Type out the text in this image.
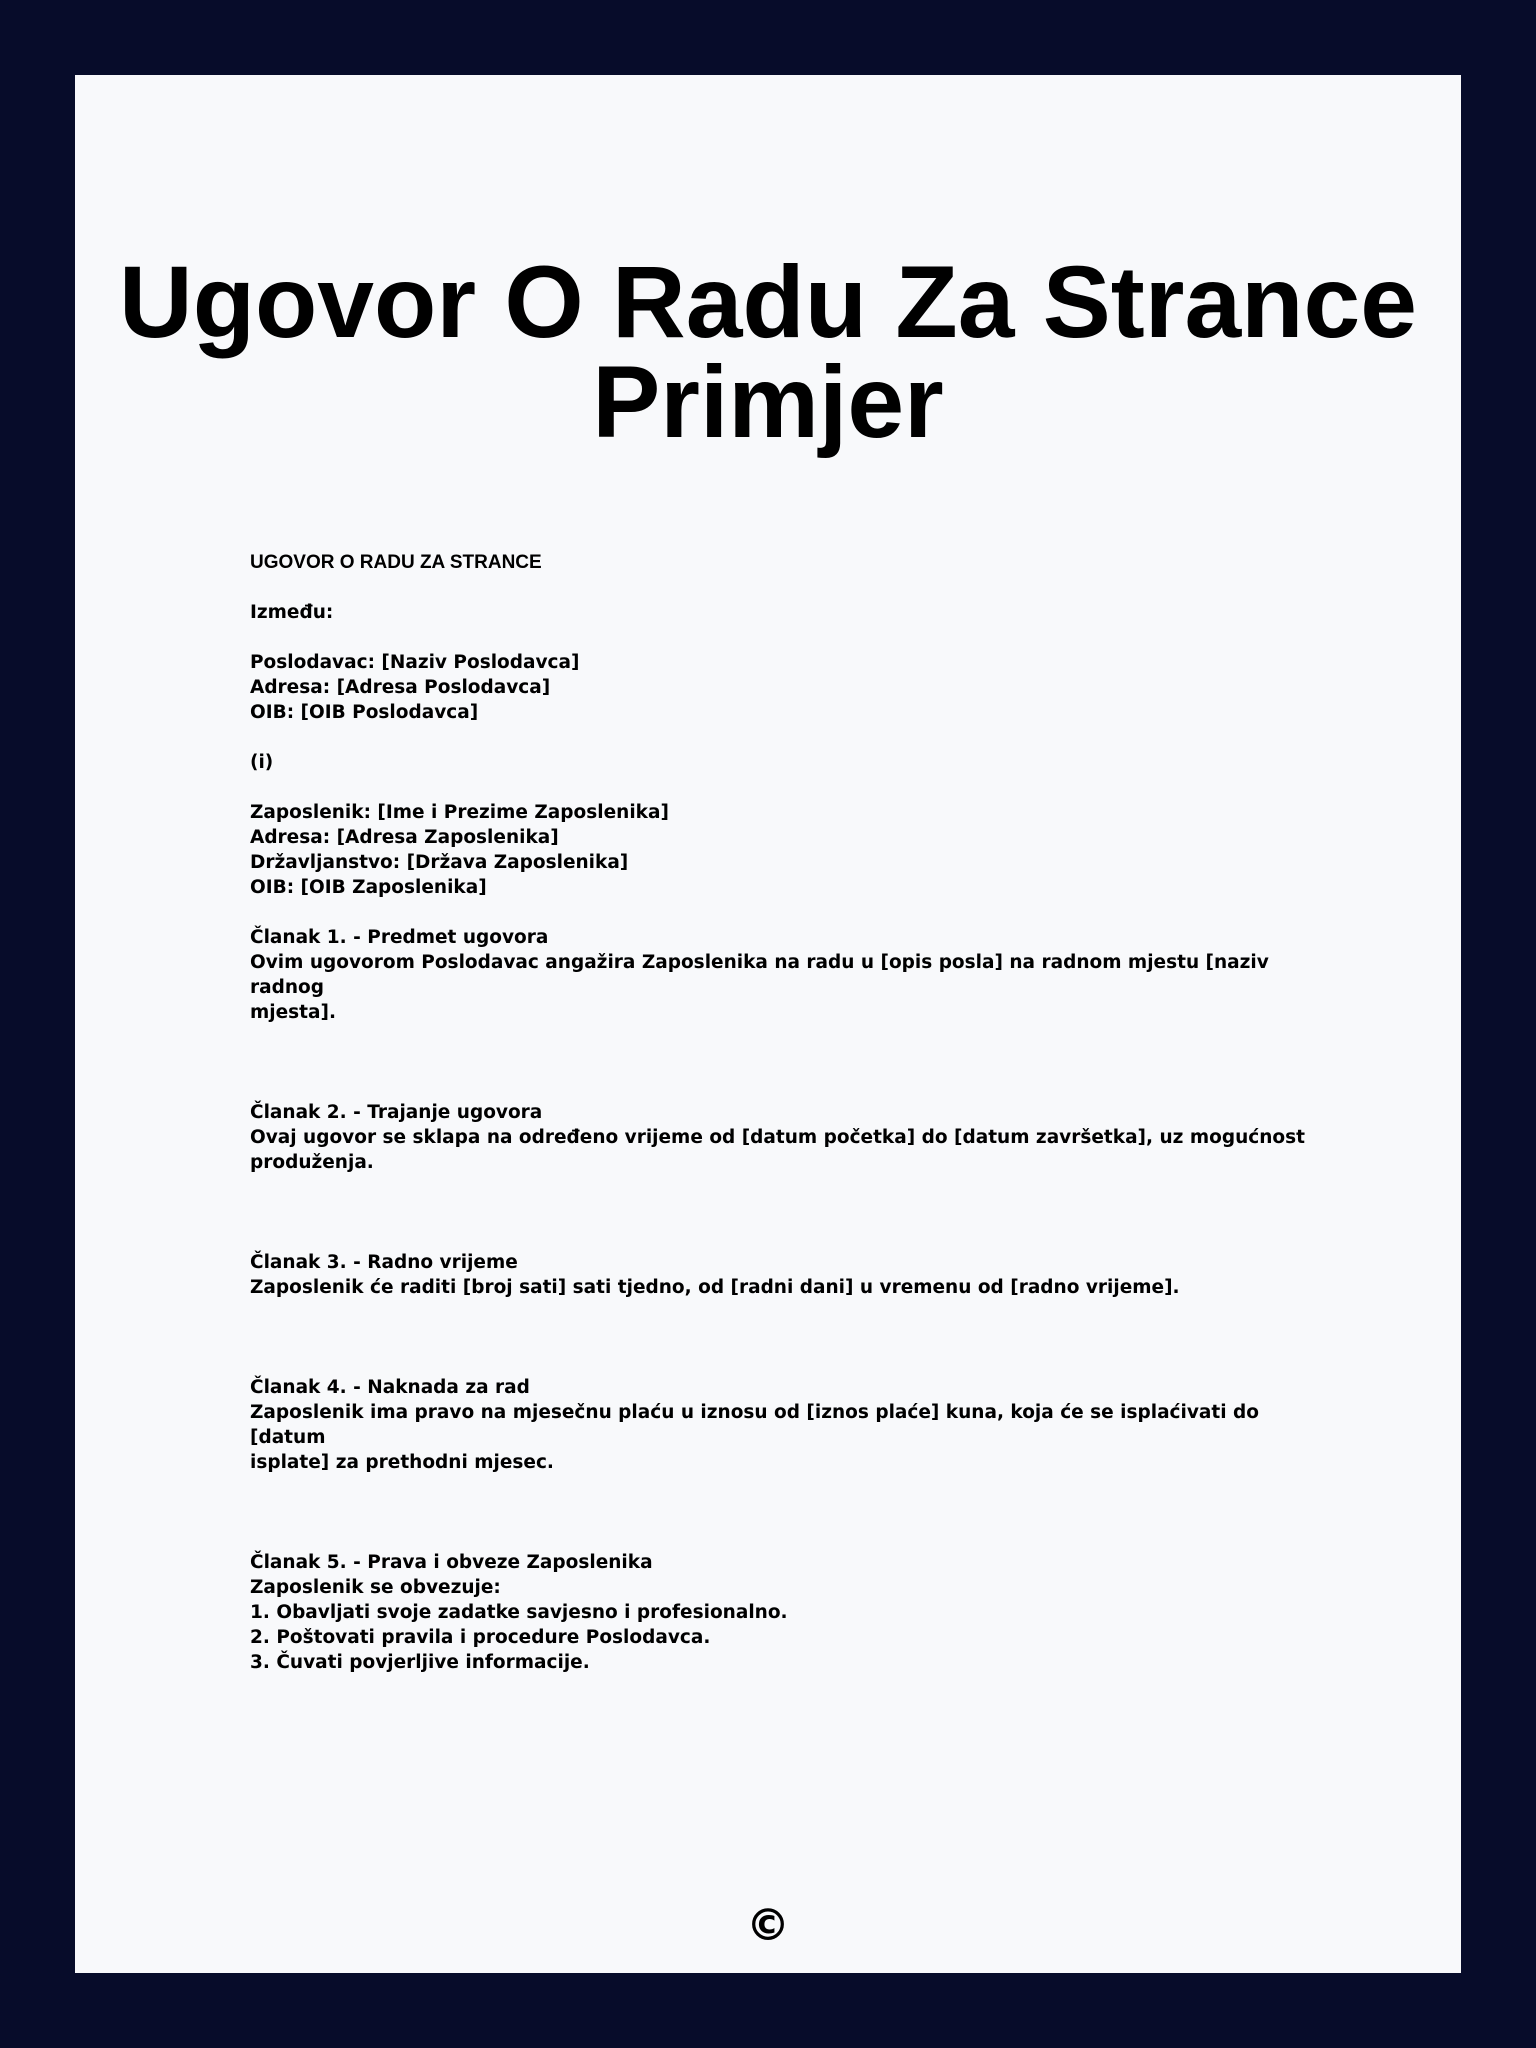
Ugovor O Radu Za Strance
Primjer
UGOVOR O RADU ZA STRANCE
Između:
Poslodavac: [Naziv Poslodavca]
Adresa: [Adresa Poslodavca]
OIB: [OIB Poslodavca]
(i)
Zaposlenik: [Ime i Prezime Zaposlenika]
Adresa: [Adresa Zaposlenika]
Državljanstvo: [Država Zaposlenika]
OIB: [OIB Zaposlenika]
Članak 1. - Predmet ugovora
Ovim ugovorom Poslodavac angažira Zaposlenika na radu u [opis posla] na radnom mjestu [naziv radnog
mjesta].
Članak 2. - Trajanje ugovora
Ovaj ugovor se sklapa na određeno vrijeme od [datum početka] do [datum završetka], uz mogućnost
produženja.
Članak 3. - Radno vrijeme
Zaposlenik će raditi [broj sati] sati tjedno, od [radni dani] u vremenu od [radno vrijeme].
Članak 4. - Naknada za rad
Zaposlenik ima pravo na mjesečnu plaću u iznosu od [iznos plaće] kuna, koja će se isplaćivati do [datum
isplate] za prethodni mjesec.
Članak 5. - Prava i obveze Zaposlenika
Zaposlenik se obvezuje:
1. Obavljati svoje zadatke savjesno i profesionalno.
2. Poštovati pravila i procedure Poslodavca.
3. Čuvati povjerljive informacije.
©
